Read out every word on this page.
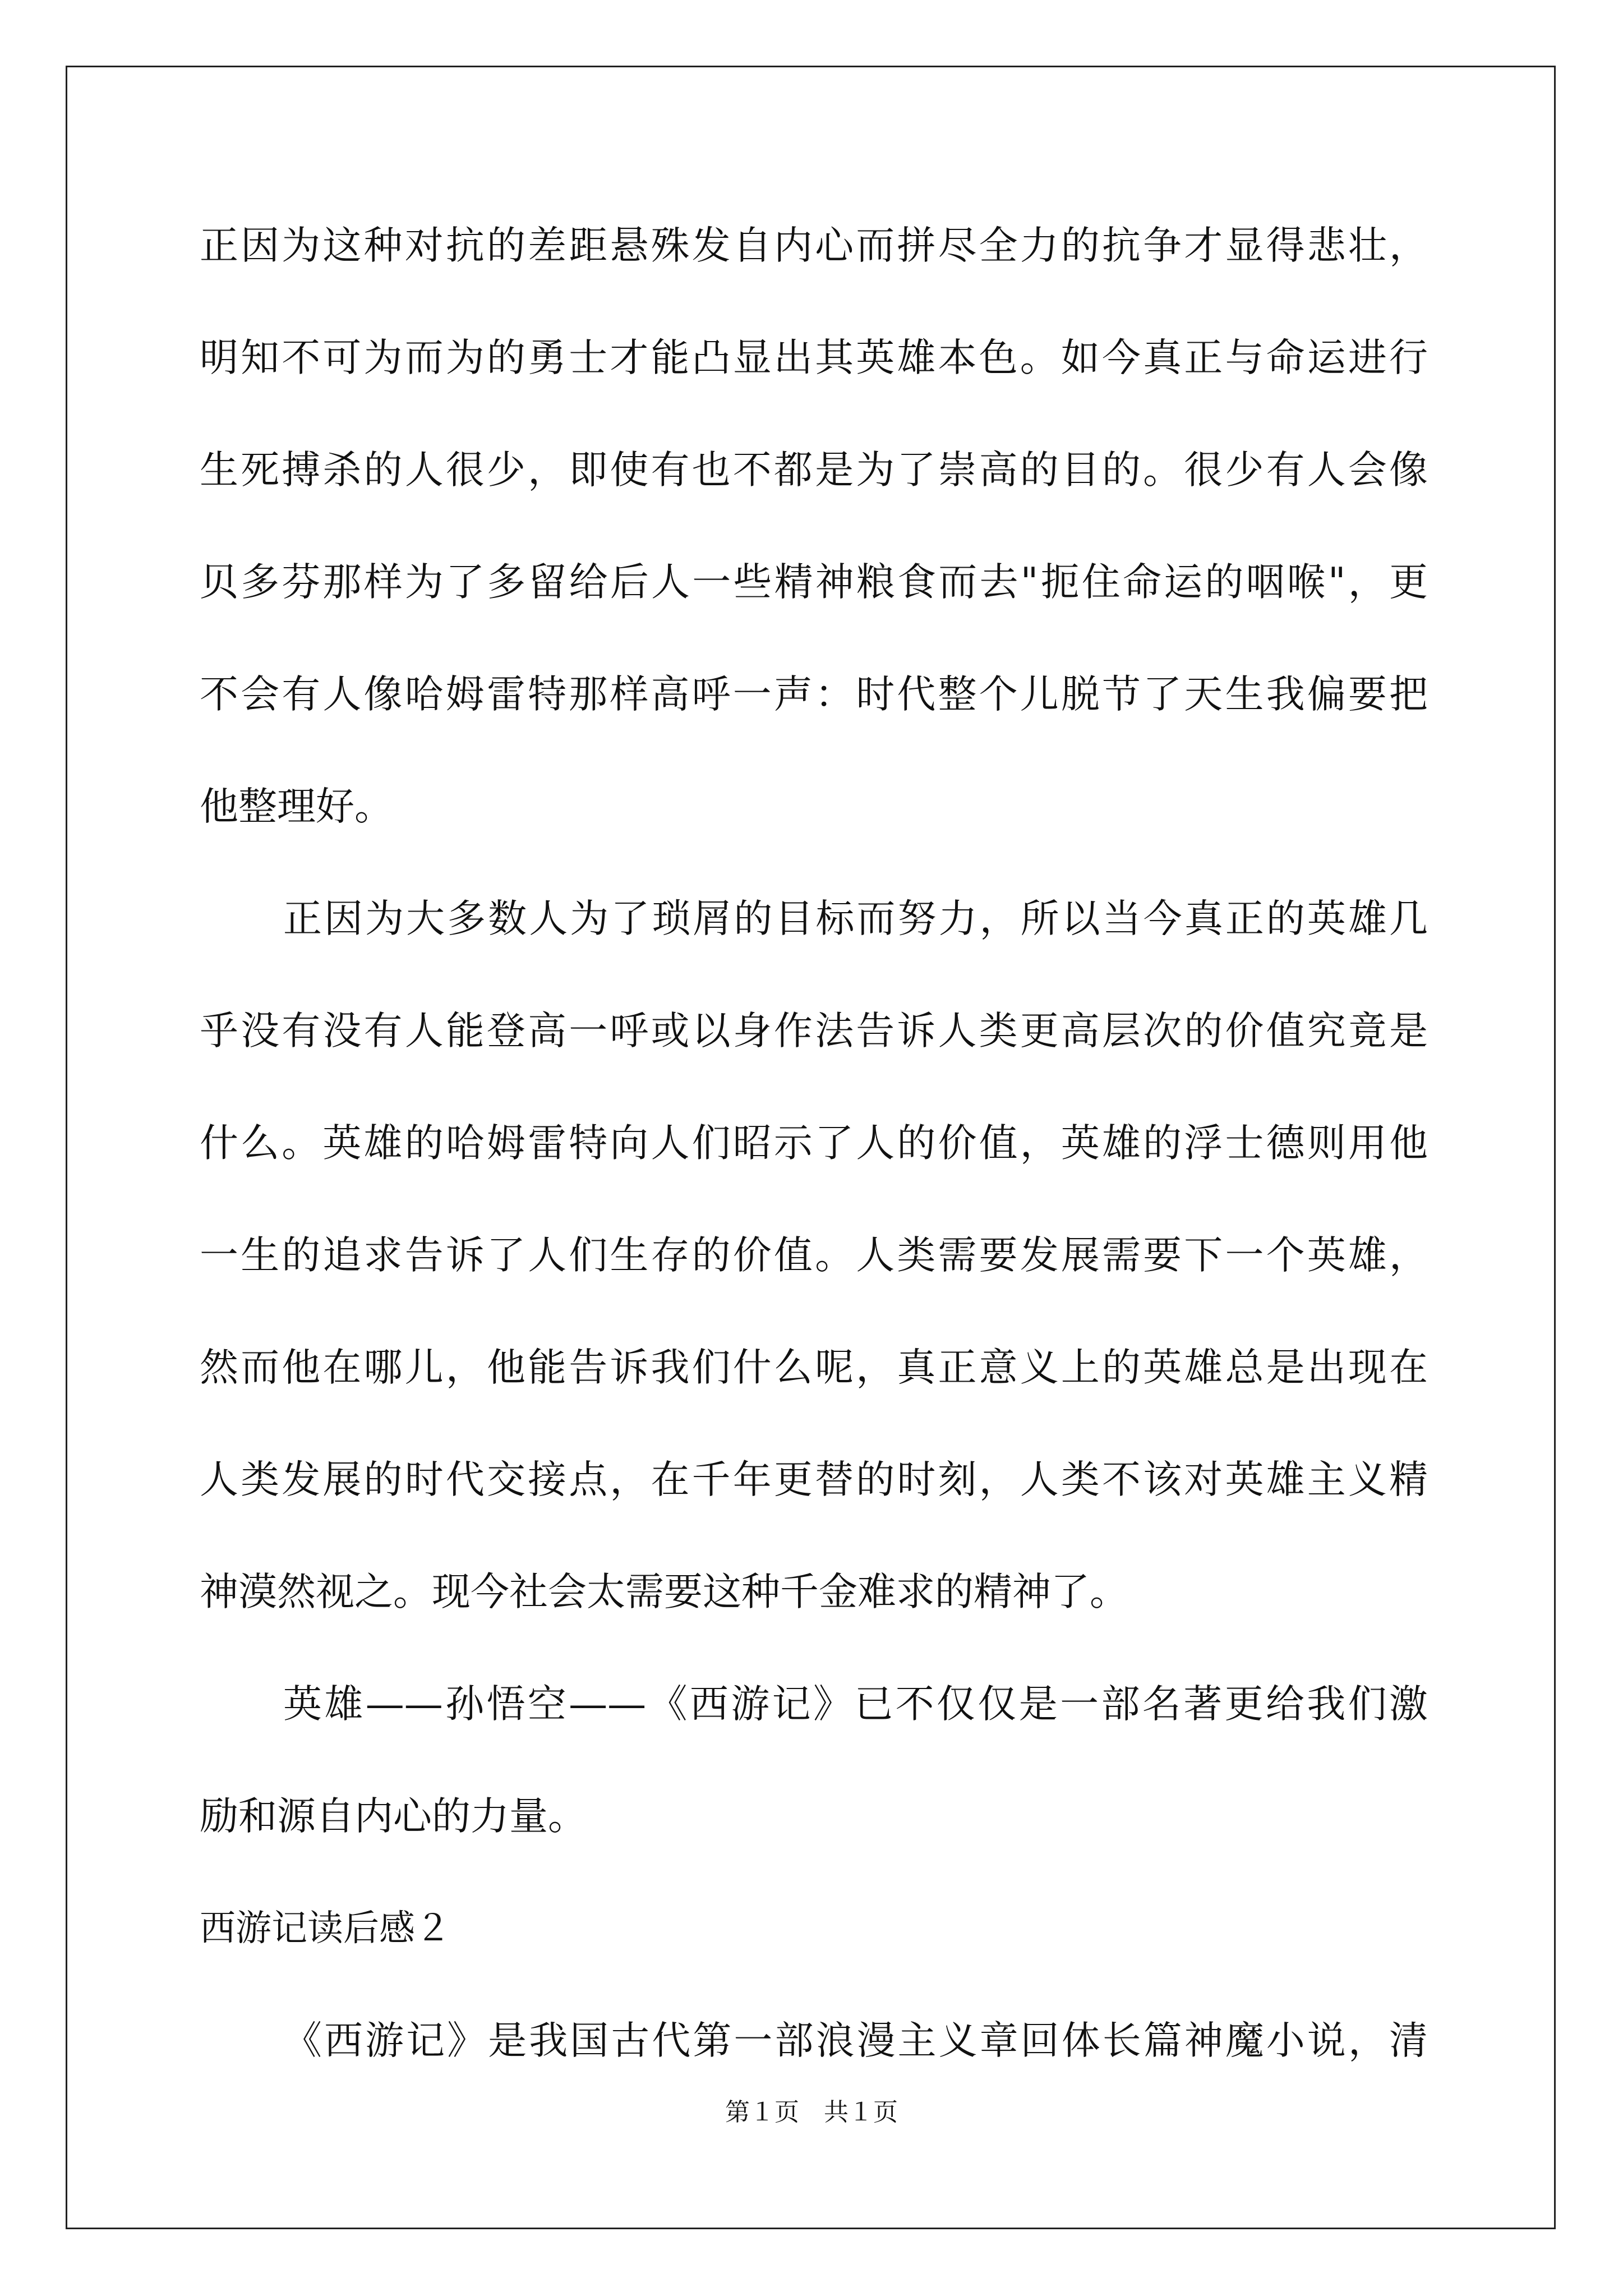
正因为这种对抗的差距悬殊发自内心而拼尽全力的抗争才显得悲壮，
明知不可为而为的勇士才能凸显出其英雄本色。如今真正与命运进行
生死搏杀的人很少，即使有也不都是为了崇高的目的。很少有人会像
贝多芬那样为了多留给后人一些精神粮食而去"扼住命运的咽喉"，更
不会有人像哈姆雷特那样高呼一声：时代整个儿脱节了天生我偏要把
他整理好。
正因为大多数人为了琐屑的目标而努力，所以当今真正的英雄几
乎没有没有人能登高一呼或以身作法告诉人类更高层次的价值究竟是
什么。英雄的哈姆雷特向人们昭示了人的价值，英雄的浮士德则用他
一生的追求告诉了人们生存的价值。人类需要发展需要下一个英雄，
然而他在哪儿，他能告诉我们什么呢，真正意义上的英雄总是出现在
人类发展的时代交接点，在千年更替的时刻，人类不该对英雄主义精
神漠然视之。现今社会太需要这种千金难求的精神了。
英雄——孙悟空——《西游记》已不仅仅是一部名著更给我们激
励和源自内心的力量。
西游记读后感２
《西游记》是我国古代第一部浪漫主义章回体长篇神魔小说，清
第１页　共１页
